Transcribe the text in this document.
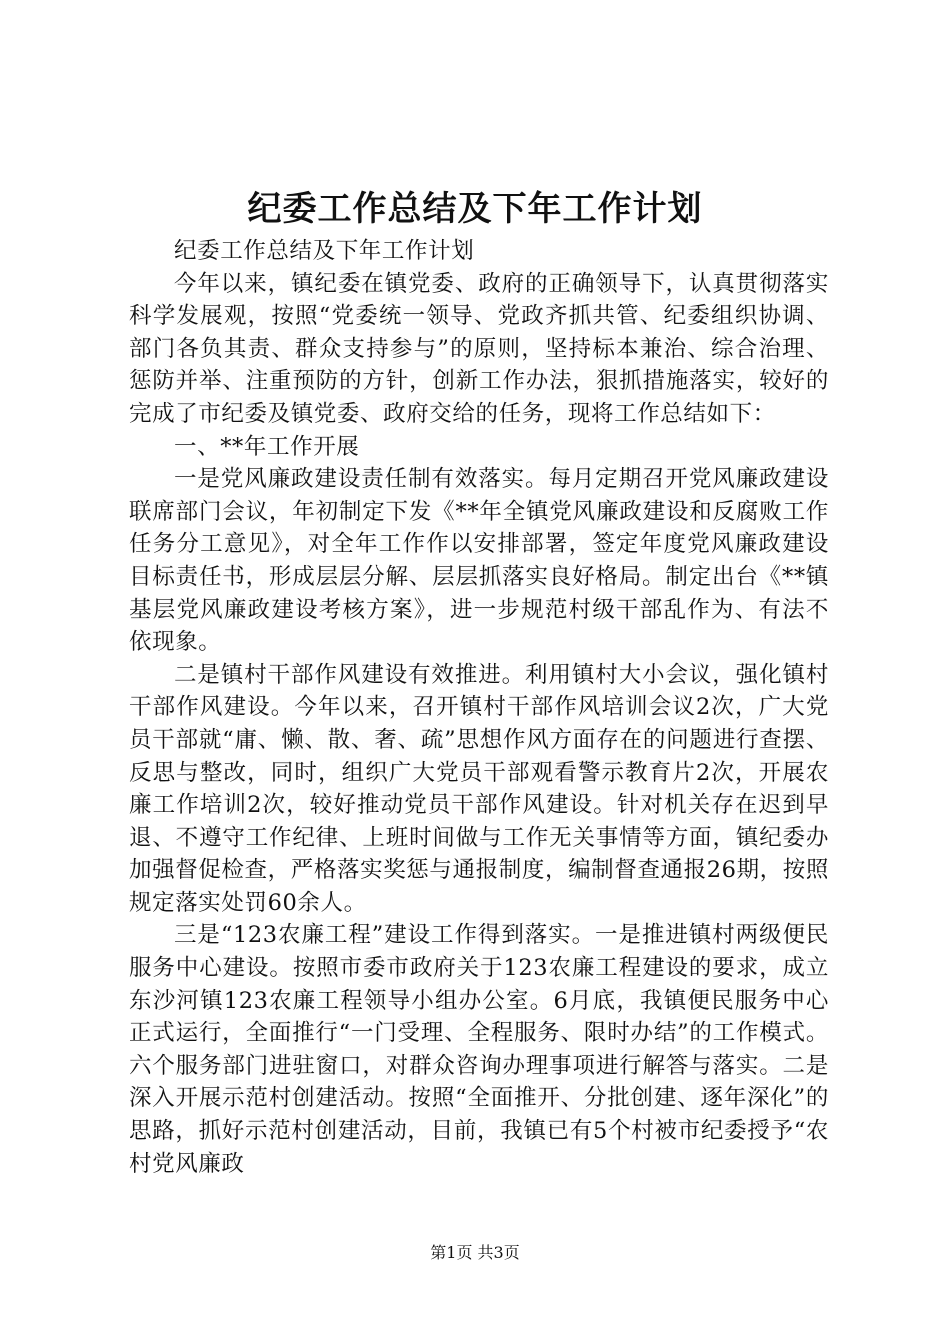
纪委工作总结及下年工作计划

纪委工作总结及下年工作计划

今年以来，镇纪委在镇党委、政府的正确领导下，认真贯彻落实科学发展观，按照“党委统一领导、党政齐抓共管、纪委组织协调、部门各负其责、群众支持参与”的原则，坚持标本兼治、综合治理、惩防并举、注重预防的方针，创新工作办法，狠抓措施落实，较好的完成了市纪委及镇党委、政府交给的任务，现将工作总结如下：

一、**年工作开展

一是党风廉政建设责任制有效落实。每月定期召开党风廉政建设联席部门会议，年初制定下发《**年全镇党风廉政建设和反腐败工作任务分工意见》，对全年工作作以安排部署，签定年度党风廉政建设目标责任书，形成层层分解、层层抓落实良好格局。制定出台《**镇基层党风廉政建设考核方案》，进一步规范村级干部乱作为、有法不依现象。

二是镇村干部作风建设有效推进。利用镇村大小会议，强化镇村干部作风建设。今年以来，召开镇村干部作风培训会议2次，广大党员干部就“庸、懒、散、奢、疏”思想作风方面存在的问题进行查摆、反思与整改，同时，组织广大党员干部观看警示教育片2次，开展农廉工作培训2次，较好推动党员干部作风建设。针对机关存在迟到早退、不遵守工作纪律、上班时间做与工作无关事情等方面，镇纪委办加强督促检查，严格落实奖惩与通报制度，编制督查通报26期，按照规定落实处罚60余人。

三是“123农廉工程”建设工作得到落实。一是推进镇村两级便民服务中心建设。按照市委市政府关于123农廉工程建设的要求，成立东沙河镇123农廉工程领导小组办公室。6月底，我镇便民服务中心正式运行，全面推行“一门受理、全程服务、限时办结”的工作模式。六个服务部门进驻窗口，对群众咨询办理事项进行解答与落实。二是深入开展示范村创建活动。按照“全面推开、分批创建、逐年深化”的思路，抓好示范村创建活动，目前，我镇已有5个村被市纪委授予“农村党风廉政

第1页 共3页
